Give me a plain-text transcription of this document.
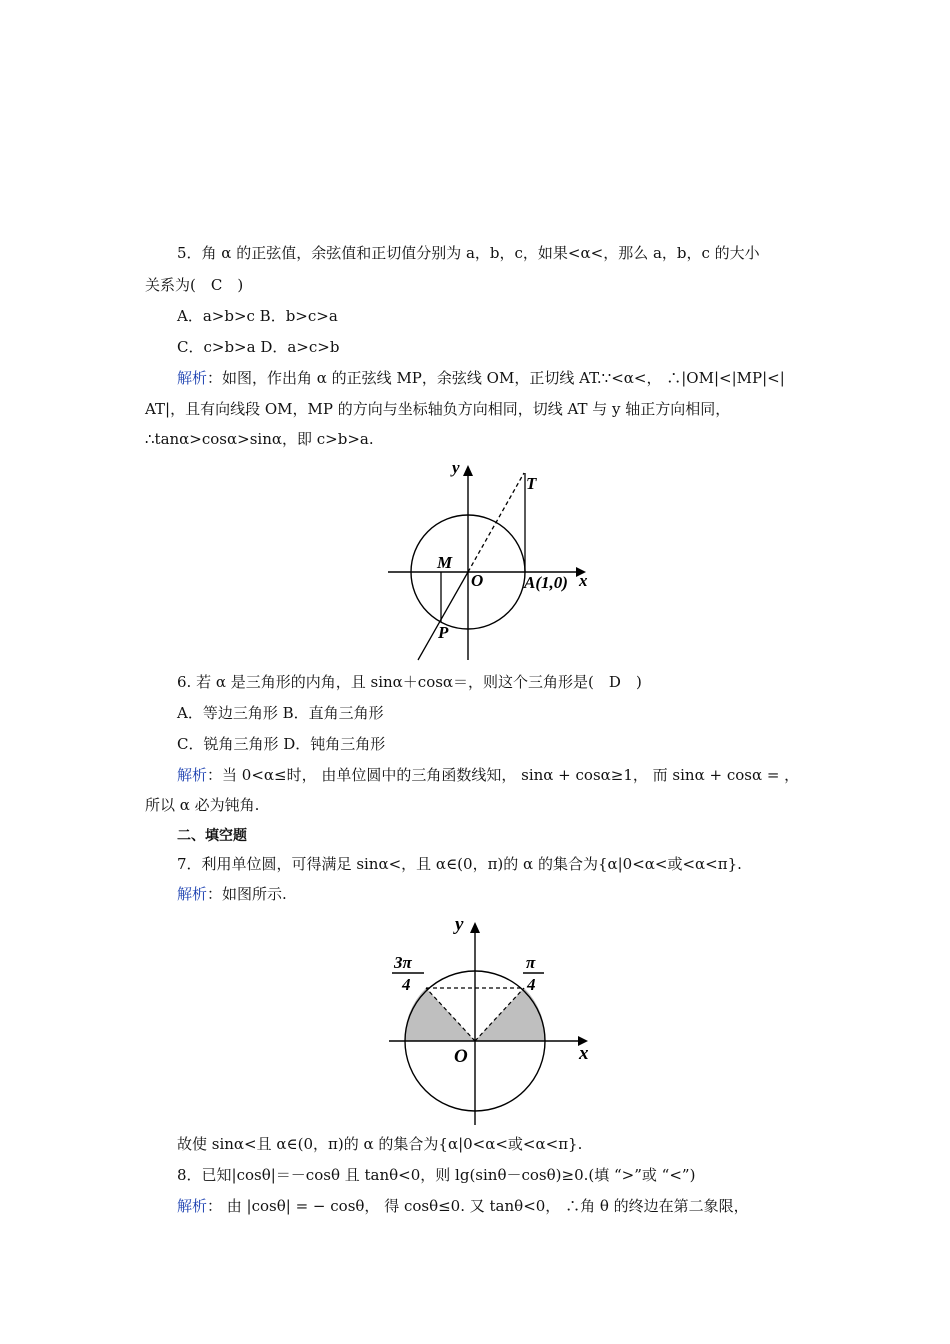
5．角 α 的正弦值，余弦值和正切值分别为 a，b，c，如果<α<，那么 a，b，c 的大小
关系为(　C　)
A．a>b>c B．b>c>a
C．c>b>a D．a>c>b
解析：如图，作出角 α 的正弦线 MP，余弦线 OM，正切线 AT.∵<α<， ∴|OM|<|MP|<|
AT|，且有向线段 OM，MP 的方向与坐标轴负方向相同，切线 AT 与 y 轴正方向相同，
∴tanα>cosα>sinα，即 c>b>a.
y
T
M
O A(1,0) x
P
6. 若 α 是三角形的内角，且 sinα＋cosα＝，则这个三角形是(　D　)
A．等边三角形 B．直角三角形
C．锐角三角形 D．钝角三角形
解析：当 0<α≤时， 由单位圆中的三角函数线知， sinα + cosα≥1， 而 sinα + cosα = ，
所以 α 必为钝角.
二、填空题
7．利用单位圆，可得满足 sinα<，且 α∈(0，π)的 α 的集合为{α|0<α<或<α<π}.
解析：如图所示.
y
3π
4
π
4
O	x
故使 sinα<且 α∈(0，π)的 α 的集合为{α|0<α<或<α<π}.
8．已知|cosθ|＝－cosθ 且 tanθ<0，则 lg(sinθ－cosθ)≥0.(填 “>”或 “<”)
解析： 由 |cosθ| = − cosθ， 得 cosθ≤0. 又 tanθ<0， ∴角 θ 的终边在第二象限，
